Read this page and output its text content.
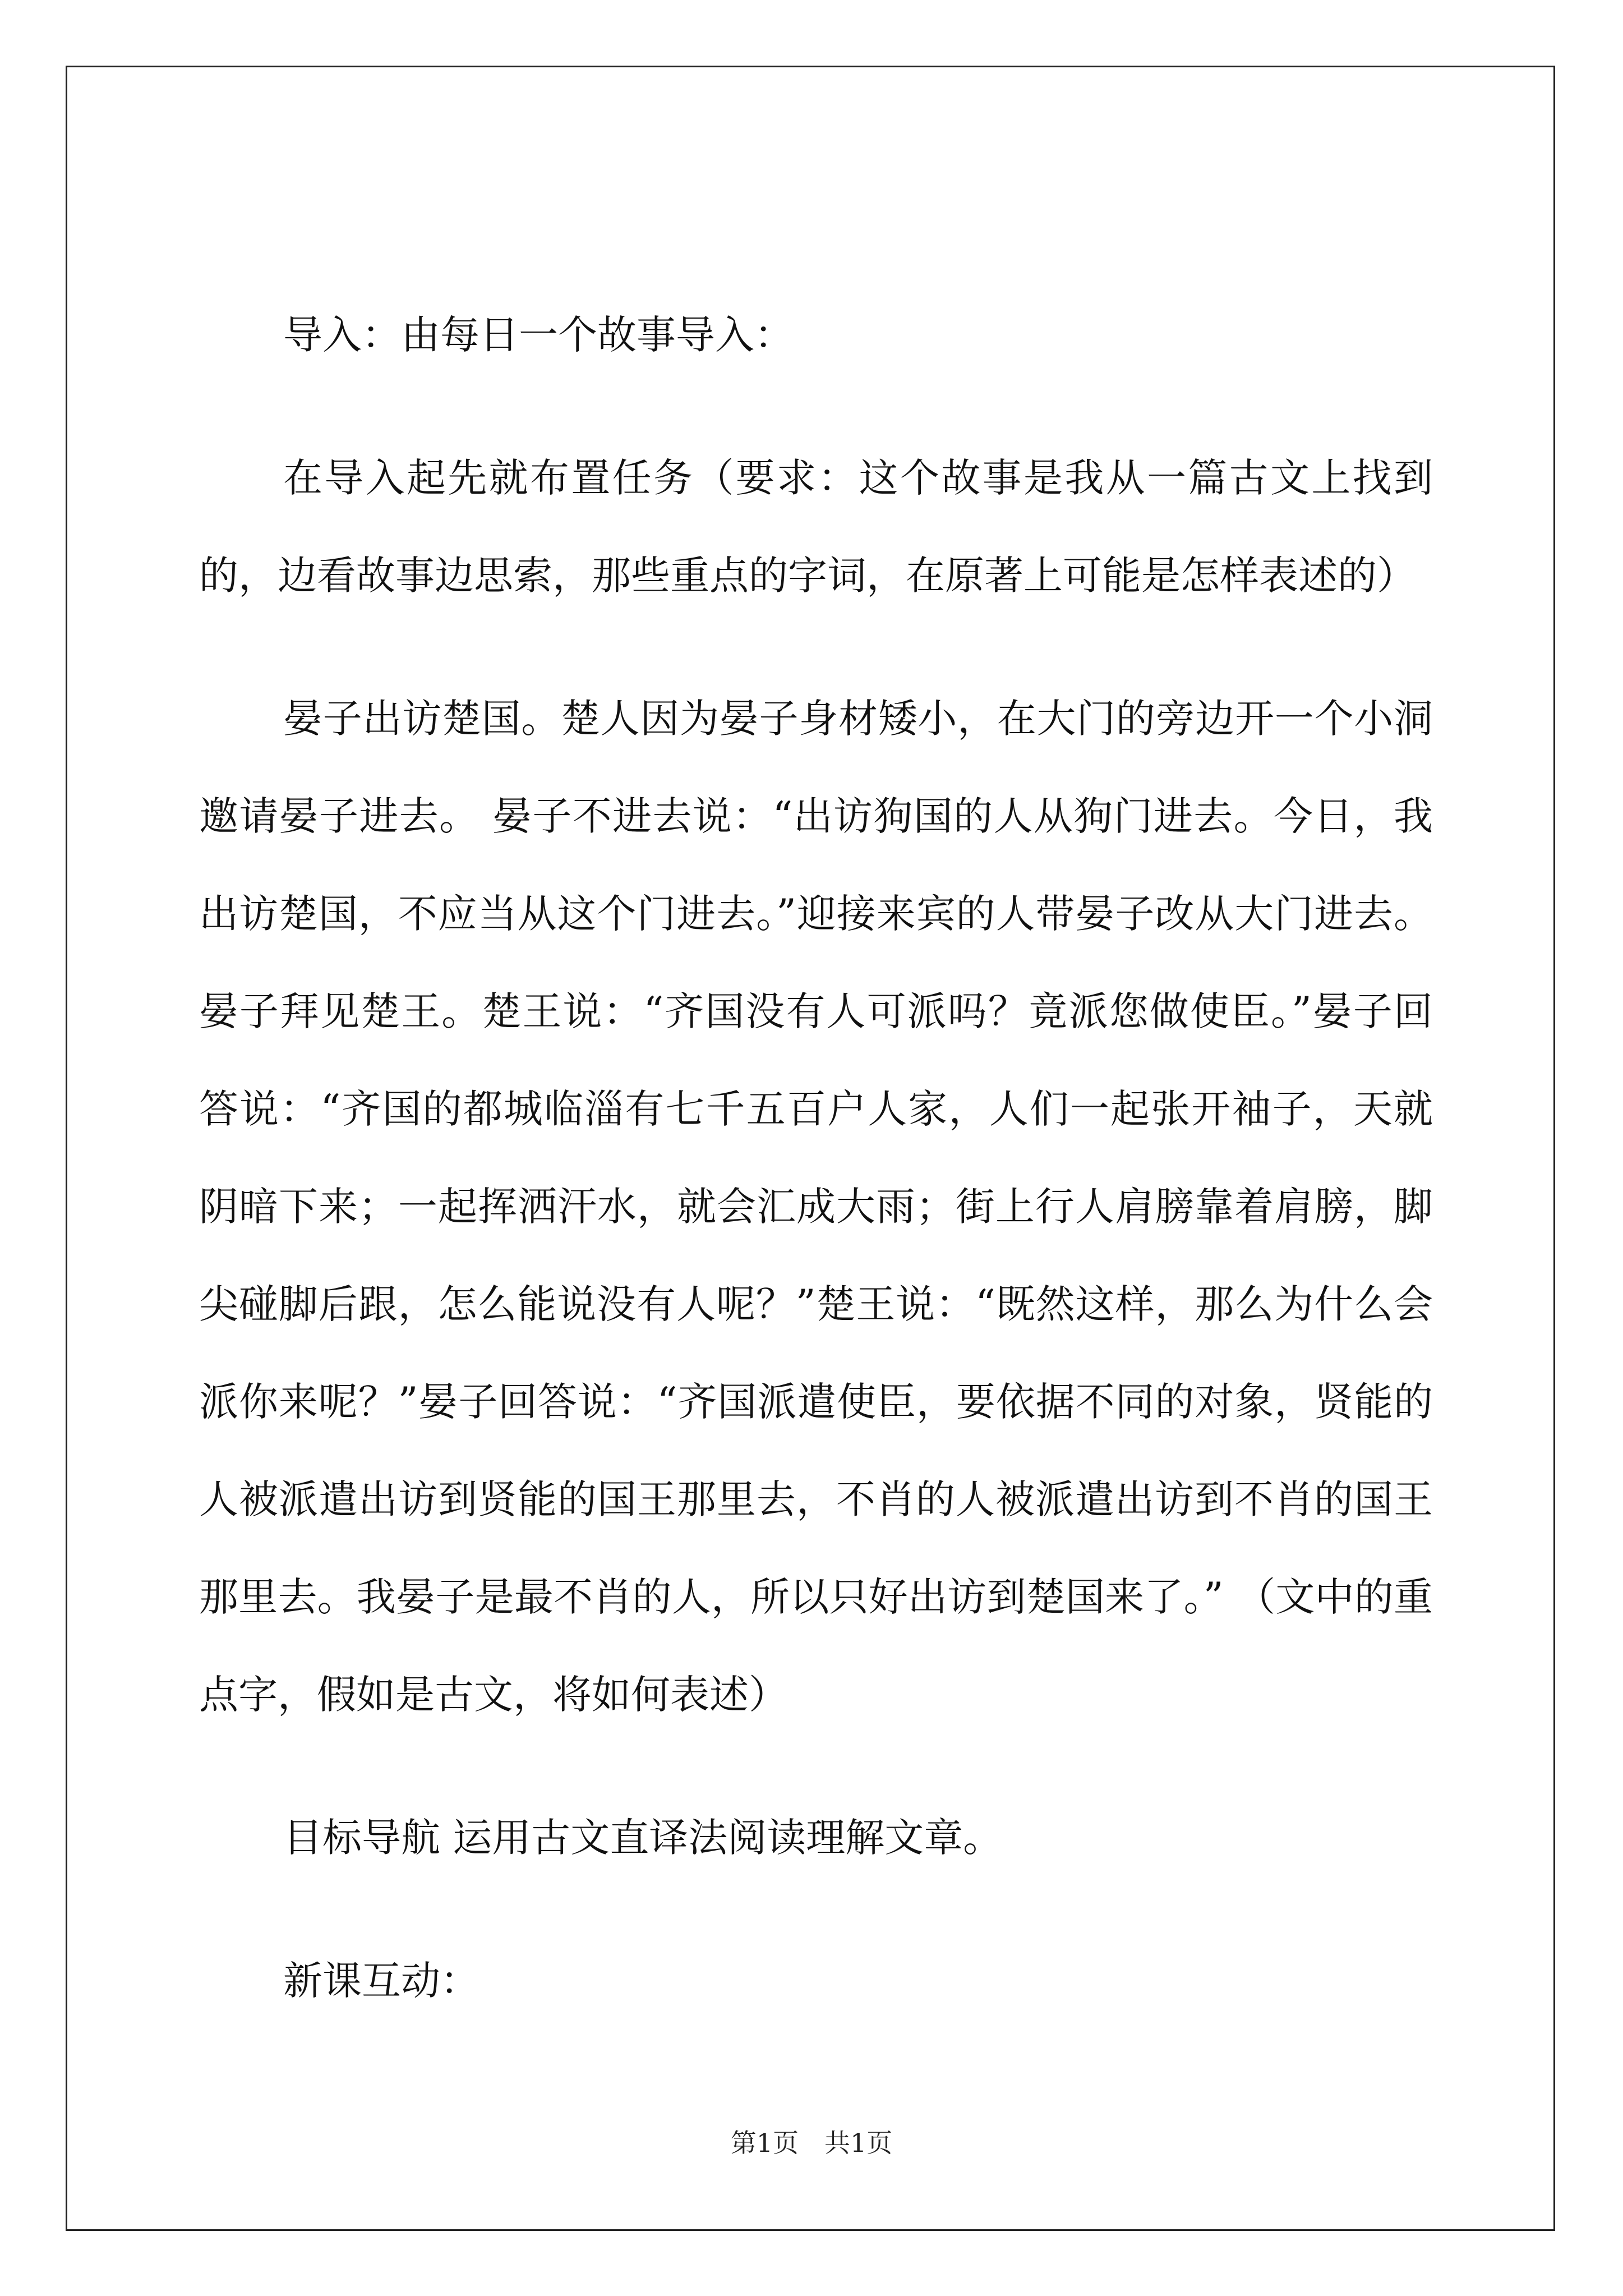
导入：由每日一个故事导入：

在导入起先就布置任务（要求：这个故事是我从一篇古文上找到的，边看故事边思索，那些重点的字词，在原著上可能是怎样表述的）

晏子出访楚国。楚人因为晏子身材矮小，在大门的旁边开一个小洞邀请晏子进去。 晏子不进去说：“出访狗国的人从狗门进去。今日，我出访楚国，不应当从这个门进去。”迎接来宾的人带晏子改从大门进去。晏子拜见楚王。楚王说：“齐国没有人可派吗？竟派您做使臣。”晏子回答说：“齐国的都城临淄有七千五百户人家，人们一起张开袖子，天就阴暗下来；一起挥洒汗水，就会汇成大雨；街上行人肩膀靠着肩膀，脚尖碰脚后跟，怎么能说没有人呢？”楚王说：“既然这样，那么为什么会派你来呢？”晏子回答说：“齐国派遣使臣，要依据不同的对象，贤能的人被派遣出访到贤能的国王那里去，不肖的人被派遣出访到不肖的国王那里去。我晏子是最不肖的人，所以只好出访到楚国来了。” （文中的重点字，假如是古文，将如何表述）

目标导航 运用古文直译法阅读理解文章。

新课互动：

第1页　共1页
